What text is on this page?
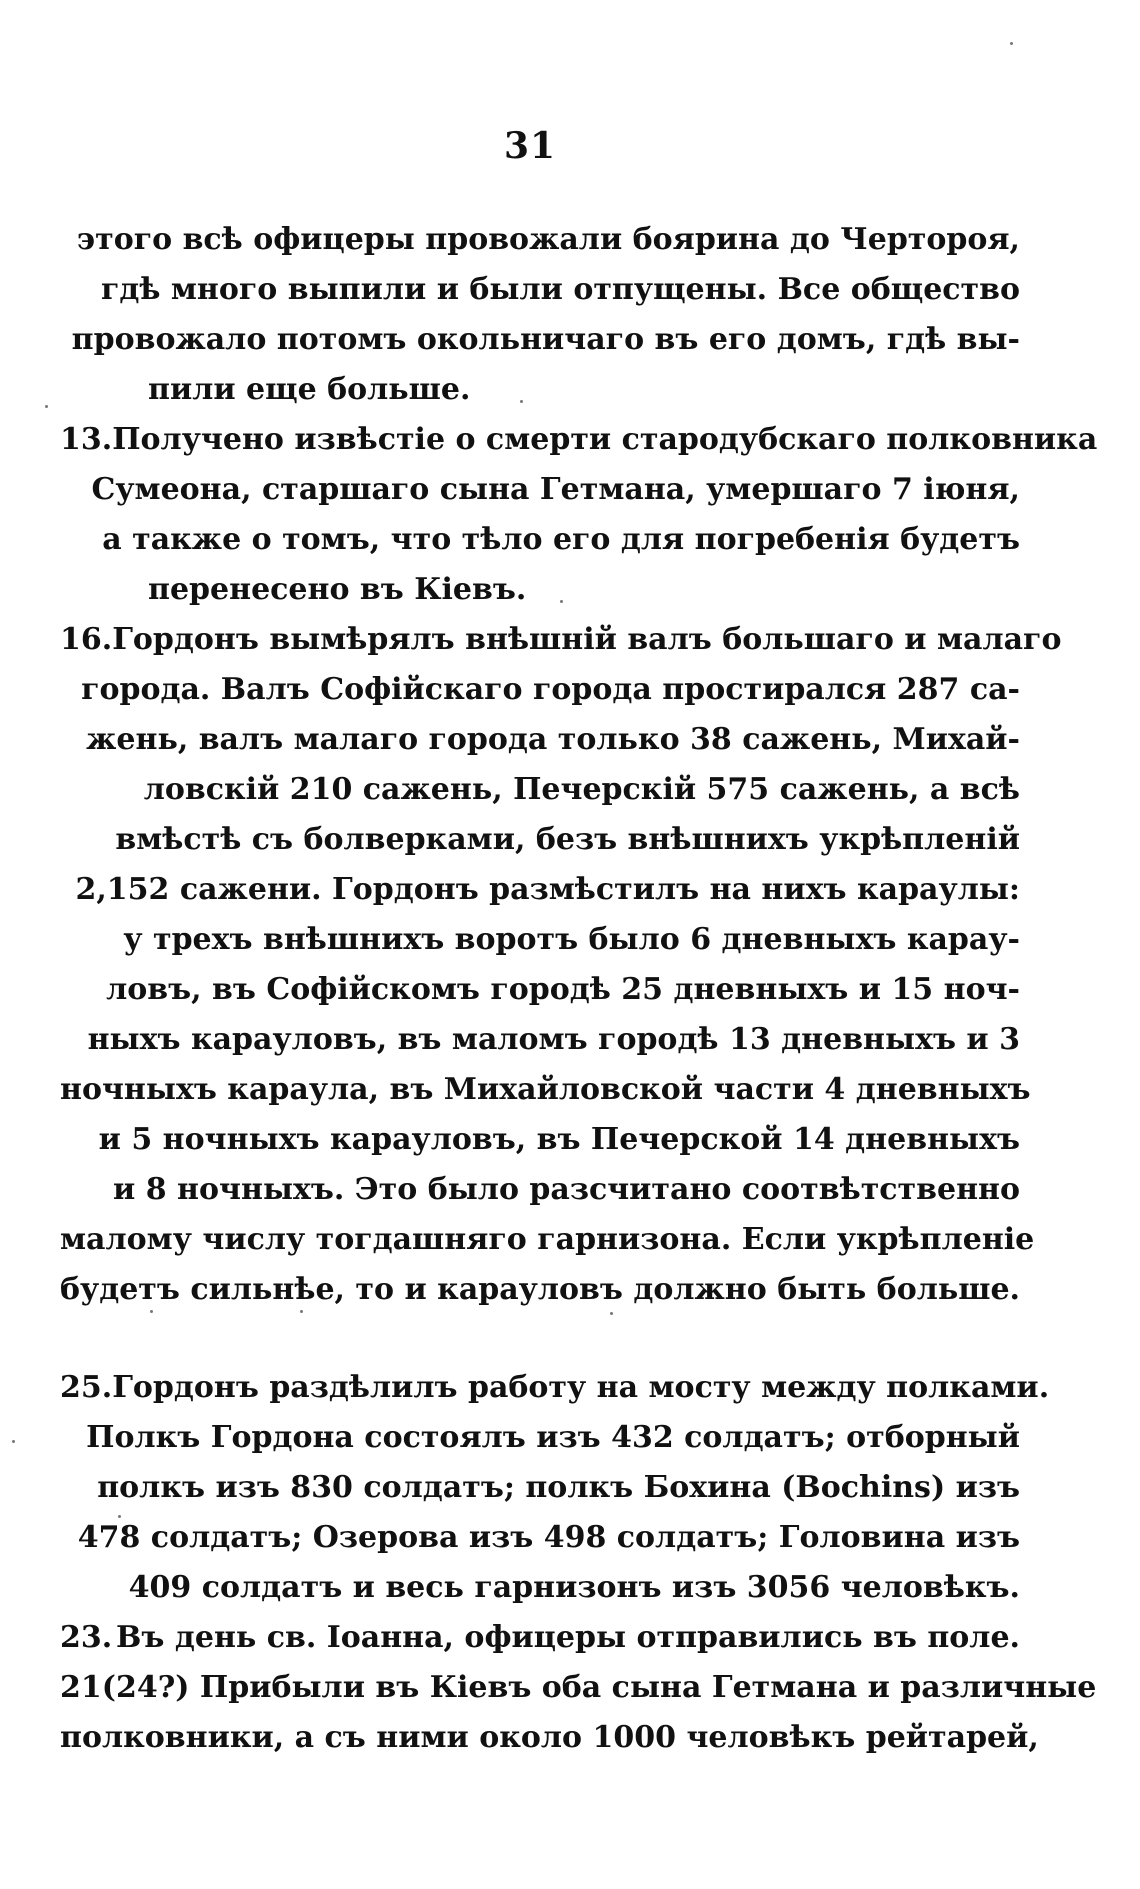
31
этого всѣ офицеры провожали боярина до Чертороя,
гдѣ много выпили и были отпущены. Все общество
провожало потомъ окольничаго въ его домъ, гдѣ вы-
пили еще больше.
13. Получено извѣстіе о смерти стародубскаго полковника
Сумеона, старшаго сына Гетмана, умершаго 7 іюня,
а также о томъ, что тѣло его для погребенія будетъ
перенесено въ Кіевъ.
16. Гордонъ вымѣрялъ внѣшній валъ большаго и малаго
города. Валъ Софійскаго города простирался 287 са-
жень, валъ малаго города только 38 сажень, Михай-
ловскій 210 сажень, Печерскій 575 сажень, а всѣ
вмѣстѣ съ болверками, безъ внѣшнихъ укрѣпленій
2,152 сажени. Гордонъ размѣстилъ на нихъ караулы:
у трехъ внѣшнихъ воротъ было 6 дневныхъ карау-
ловъ, въ Софійскомъ городѣ 25 дневныхъ и 15 ноч-
ныхъ карауловъ, въ маломъ городѣ 13 дневныхъ и 3
ночныхъ караула, въ Михайловской части 4 дневныхъ
и 5 ночныхъ карауловъ, въ Печерской 14 дневныхъ
и 8 ночныхъ. Это было разсчитано соотвѣтственно
малому числу тогдашняго гарнизона. Если укрѣпленіе
будетъ сильнѣе, то и карауловъ должно быть больше.
25. Гордонъ раздѣлилъ работу на мосту между полками.
Полкъ Гордона состоялъ изъ 432 солдатъ; отборный
полкъ изъ 830 солдатъ; полкъ Бохина (Bochins) изъ
478 солдатъ; Озерова изъ 498 солдатъ; Головина изъ
409 солдатъ и весь гарнизонъ изъ 3056 человѣкъ.
23. Въ день св. Іоанна, офицеры отправились въ поле.
21 (24?) Прибыли въ Кіевъ оба сына Гетмана и различные
полковники, а съ ними около 1000 человѣкъ рейтарей,
